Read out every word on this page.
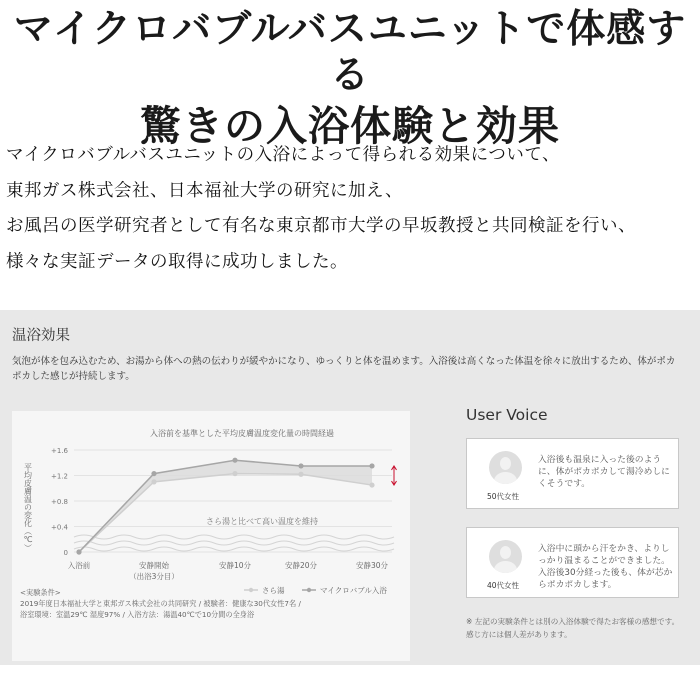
マイクロバブルバスユニットで体感する
驚きの入浴体験と効果

マイクロバブルバスユニットの入浴によって得られる効果について、

東邦ガス株式会社、日本福祉大学の研究に加え、

お風呂の医学研究者として有名な東京都市大学の早坂教授と共同検証を行い、

様々な実証データの取得に成功しました。

温浴効果
気泡が体を包み込むため、お湯から体への熱の伝わりが緩やかになり、ゆっくりと体を温めます。入浴後は高くなった体温を徐々に放出するため、体がポカポカした感じが持続します。
入浴前を基準とした平均皮膚温度変化量の時間経過
平均皮膚温の変化（℃）
0
+0.4
+0.8
+1.2
+1.6
さら湯と比べて高い温度を維持
入浴前	安静開始
（出浴3分目）
安静10分	安静20分	安静30分
さら湯	マイクロバブル入浴
<実験条件>
2019年度日本福祉大学と東邦ガス株式会社の共同研究 / 被験者：健康な30代女性7名 /
浴室環境：室温29℃ 湿度97% / 入浴方法：湯温40℃で10分間の全身浴
User Voice
50代女性
入浴後も温泉に入った後のように、体がポカポカして湯冷めしにくそうです。
40代女性
入浴中に頭から汗をかき、よりしっかり温まることができました。入浴後30分経った後も、体が芯からポカポカします。
※ 左記の実験条件とは別の入浴体験で得たお客様の感想です。
感じ方には個人差があります。
